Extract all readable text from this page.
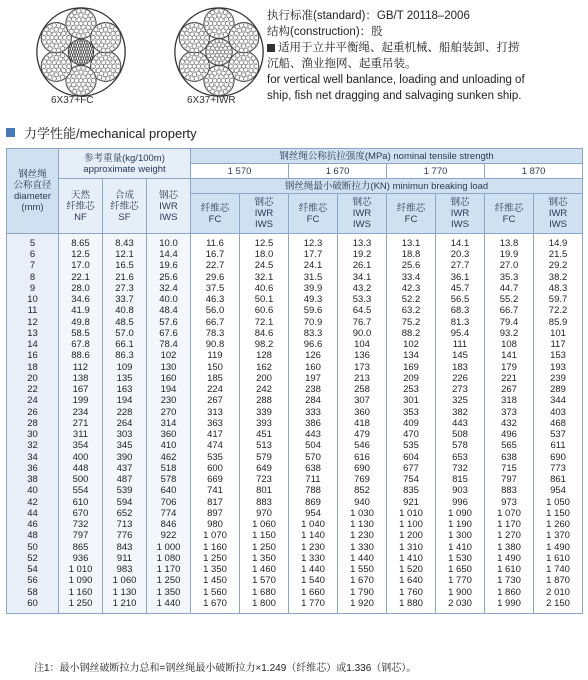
6X37+FC	6X37+IWR
执行标准(standard)：GB/T 20118–2006
结构(construction)：股
适用于立井平衡绳、起重机械、船舶装卸、打捞
沉船、渔业拖网、起重吊装。
for vertical well banlance, loading and unloading of
ship, fish net dragging and salvaging sunken ship.
力学性能/mechanical property
钢丝绳
公称直径
diameter
(mm)	参考重量(kg/100m)
approximate weight			钢丝绳公称抗拉强度(MPa) nominal tensile strength							
				1 570		1 670		1 770		1 870	
	天然
纤维芯
NF	合成
纤维芯
SF	钢芯
IWR
IWS	钢丝绳最小破断拉力(KN) minimun breaking load							
				纤维芯
FC	钢芯
IWR
IWS	纤维芯
FC	钢芯
IWR
IWS	纤维芯
FC	钢芯
IWR
IWS	纤维芯
FC	钢芯
IWR
IWS
5	8.65	8.43	10.0	11.6	12.5	12.3	13.3	13.1	14.1	13.8	14.9
6	12.5	12.1	14.4	16.7	18.0	17.7	19.2	18.8	20.3	19.9	21.5
7	17.0	16.5	19.6	22.7	24.5	24.1	26.1	25.6	27.7	27.0	29.2
8	22.1	21.6	25.6	29.6	32.1	31.5	34.1	33.4	36.1	35.3	38.2
9	28.0	27.3	32.4	37.5	40.6	39.9	43.2	42.3	45.7	44.7	48.3
10	34.6	33.7	40.0	46.3	50.1	49.3	53.3	52.2	56.5	55.2	59.7
11	41.9	40.8	48.4	56.0	60.6	59.6	64.5	63.2	68.3	66.7	72.2
12	49.8	48.5	57.6	66.7	72.1	70.9	76.7	75.2	81.3	79.4	85.9
13	58.5	57.0	67.6	78.3	84.6	83.3	90.0	88.2	95.4	93.2	101
14	67.8	66.1	78.4	90.8	98.2	96.6	104	102	111	108	117
16	88.6	86.3	102	119	128	126	136	134	145	141	153
18	112	109	130	150	162	160	173	169	183	179	193
20	138	135	160	185	200	197	213	209	226	221	239
22	167	163	194	224	242	238	258	253	273	267	289
24	199	194	230	267	288	284	307	301	325	318	344
26	234	228	270	313	339	333	360	353	382	373	403
28	271	264	314	363	393	386	418	409	443	432	468
30	311	303	360	417	451	443	479	470	508	496	537
32	354	345	410	474	513	504	546	535	578	565	611
34	400	390	462	535	579	570	616	604	653	638	690
36	448	437	518	600	649	638	690	677	732	715	773
38	500	487	578	669	723	711	769	754	815	797	861
40	554	539	640	741	801	788	852	835	903	883	954
42	610	594	706	817	883	869	940	921	996	973	1 050
44	670	652	774	897	970	954	1 030	1 010	1 090	1 070	1 150
46	732	713	846	980	1 060	1 040	1 130	1 100	1 190	1 170	1 260
48	797	776	922	1 070	1 150	1 140	1 230	1 200	1 300	1 270	1 370
50	865	843	1 000	1 160	1 250	1 230	1 330	1 310	1 410	1 380	1 490
52	936	911	1 080	1 250	1 350	1 330	1 440	1 410	1 530	1 490	1 610
54	1 010	983	1 170	1 350	1 460	1 440	1 550	1 520	1 650	1 610	1 740
56	1 090	1 060	1 250	1 450	1 570	1 540	1 670	1 640	1 770	1 730	1 870
58	1 160	1 130	1 350	1 560	1 680	1 660	1 790	1 760	1 900	1 860	2 010
60	1 250	1 210	1 440	1 670	1 800	1 770	1 920	1 880	2 030	1 990	2 150
注1：最小钢丝破断拉力总和=钢丝绳最小破断拉力×1.249（纤维芯）或1.336（钢芯）。
